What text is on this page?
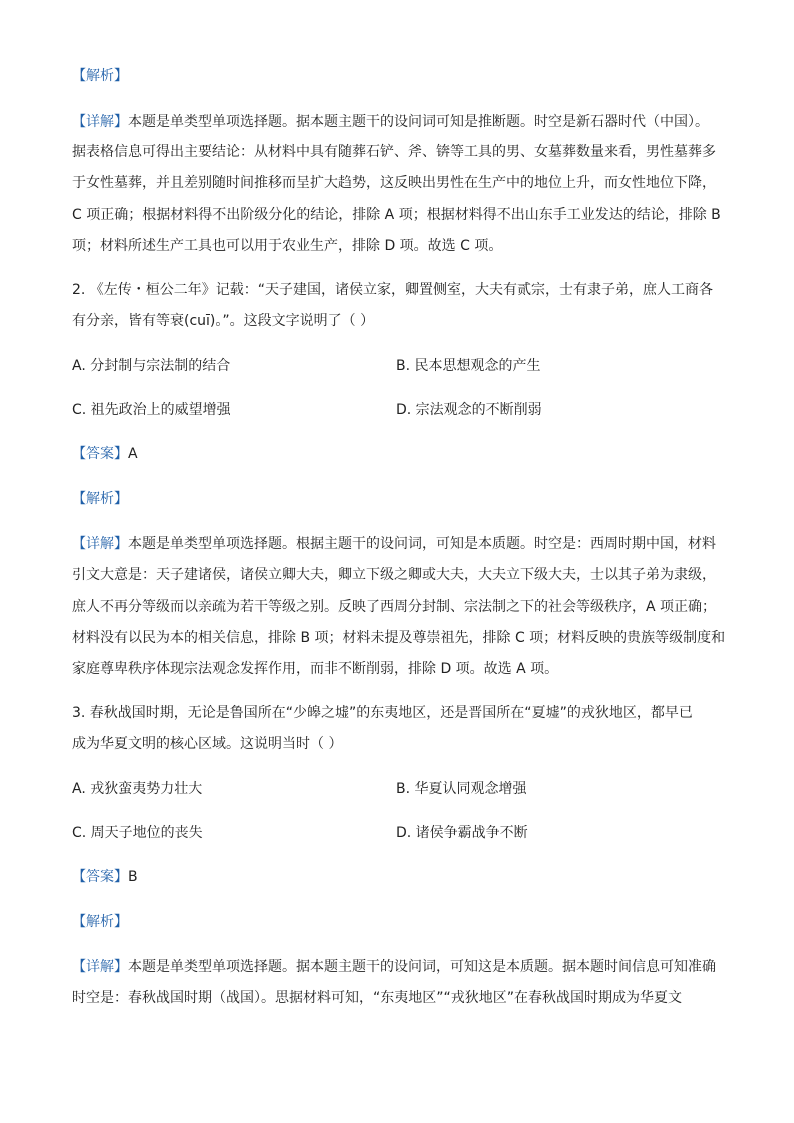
【解析】
【详解】本题是单类型单项选择题。据本题主题干的设问词可知是推断题。时空是新石器时代（中国）。
据表格信息可得出主要结论：从材料中具有随葬石铲、斧、锛等工具的男、女墓葬数量来看，男性墓葬多
于女性墓葬，并且差别随时间推移而呈扩大趋势，这反映出男性在生产中的地位上升，而女性地位下降，
C 项正确；根据材料得不出阶级分化的结论，排除 A 项；根据材料得不出山东手工业发达的结论，排除 B
项；材料所述生产工具也可以用于农业生产，排除 D 项。故选 C 项。
2. 《左传・桓公二年》记载：“天子建国，诸侯立家，卿置侧室，大夫有贰宗，士有隶子弟，庶人工商各
有分亲，皆有等衰(cuī)。”。这段文字说明了（ ）
A. 分封制与宗法制的结合	B. 民本思想观念的产生
C. 祖先政治上的威望增强	D. 宗法观念的不断削弱
【答案】A
【解析】
【详解】本题是单类型单项选择题。根据主题干的设问词，可知是本质题。时空是：西周时期中国，材料
引文大意是：天子建诸侯，诸侯立卿大夫，卿立下级之卿或大夫，大夫立下级大夫，士以其子弟为隶级，
庶人不再分等级而以亲疏为若干等级之别。反映了西周分封制、宗法制之下的社会等级秩序，A 项正确；
材料没有以民为本的相关信息，排除 B 项；材料未提及尊崇祖先，排除 C 项；材料反映的贵族等级制度和
家庭尊卑秩序体现宗法观念发挥作用，而非不断削弱，排除 D 项。故选 A 项。
3. 春秋战国时期，无论是鲁国所在“少皞之墟”的东夷地区，还是晋国所在“夏墟”的戎狄地区，都早已
成为华夏文明的核心区域。这说明当时（ ）
A. 戎狄蛮夷势力壮大	B. 华夏认同观念增强
C. 周天子地位的丧失	D. 诸侯争霸战争不断
【答案】B
【解析】
【详解】本题是单类型单项选择题。据本题主题干的设问词，可知这是本质题。据本题时间信息可知准确
时空是：春秋战国时期（战国）。思据材料可知，“东夷地区”“戎狄地区”在春秋战国时期成为华夏文
